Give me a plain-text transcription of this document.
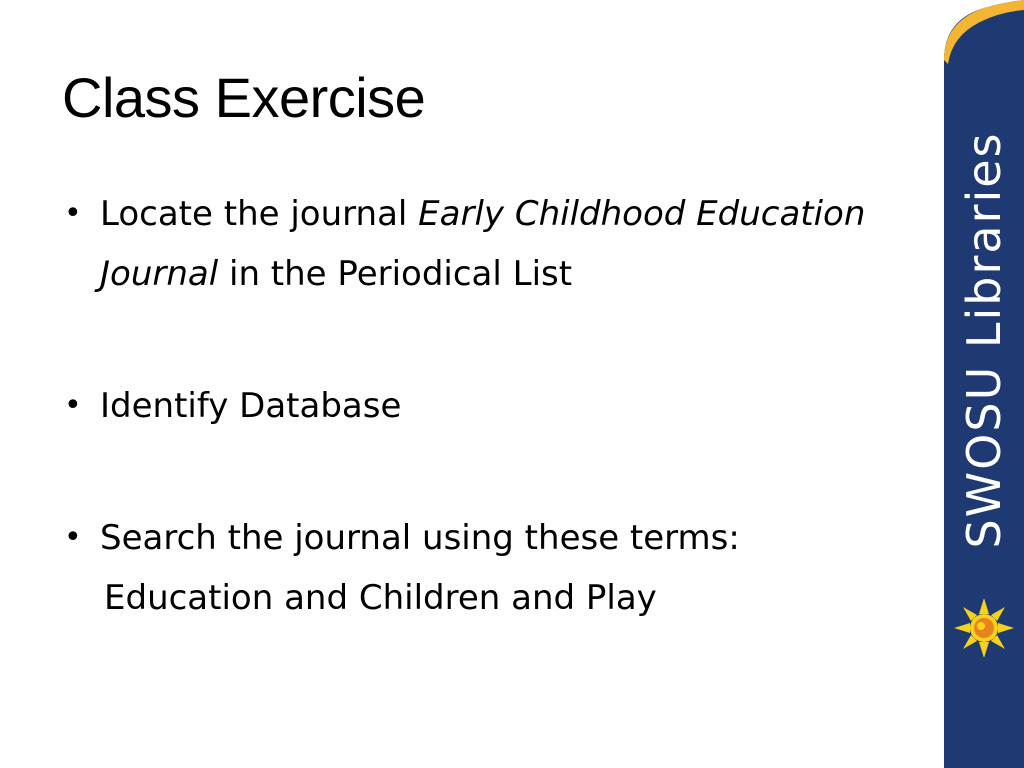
Class Exercise
• Locate the journal Early Childhood Education Journal in the Periodical List
• Identify Database
• Search the journal using these terms:
Education and Children and Play
SWOSU Libraries
